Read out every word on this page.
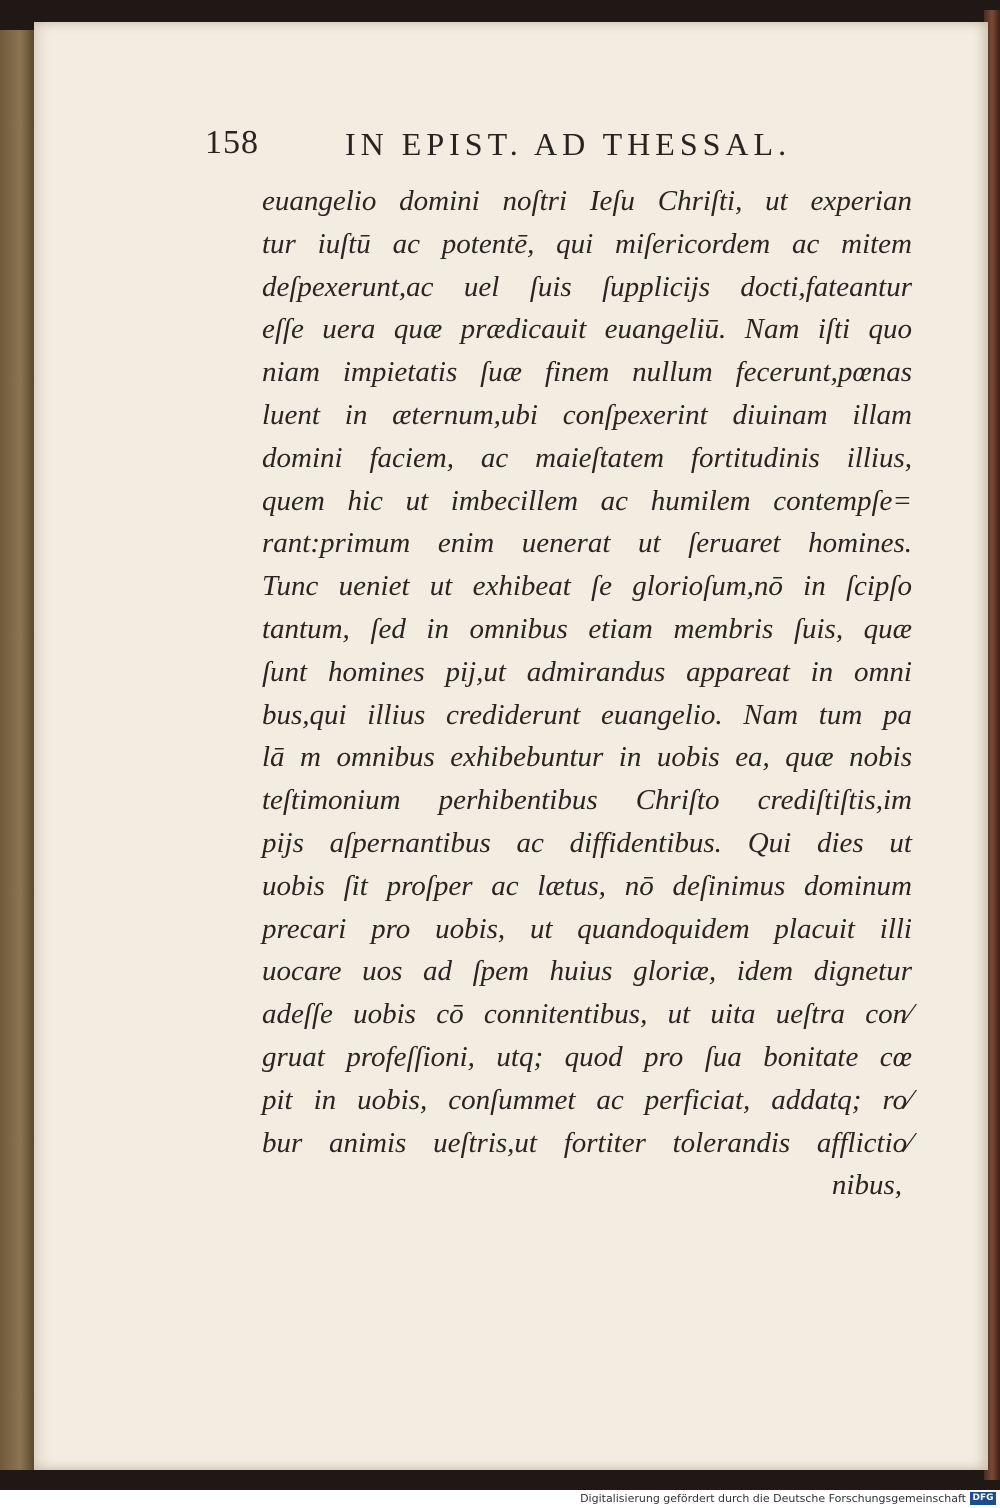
158	IN EPIST. AD THESSAL.
euangelio domini noſtri Ieſu Chriſti, ut experian
tur iuſtū ac potentē, qui miſericordem ac mitem
deſpexerunt,ac uel ſuis ſupplicijs docti,fateantur
eſſe uera quæ prædicauit euangeliū. Nam iſti quo
niam impietatis ſuæ finem nullum fecerunt,pœnas
luent in æternum,ubi conſpexerint diuinam illam
domini faciem, ac maieſtatem fortitudinis illius,
quem hic ut imbecillem ac humilem contempſe=
rant:primum enim uenerat ut ſeruaret homines.
Tunc ueniet ut exhibeat ſe glorioſum,nō in ſcipſo
tantum, ſed in omnibus etiam membris ſuis, quæ
ſunt homines pij,ut admirandus appareat in omni
bus,qui illius crediderunt euangelio. Nam tum pa
lā m omnibus exhibebuntur in uobis ea, quæ nobis
teſtimonium perhibentibus Chriſto crediſtiſtis,im
pijs aſpernantibus ac diffidentibus. Qui dies ut
uobis ſit proſper ac lætus, nō deſinimus dominum
precari pro uobis, ut quandoquidem placuit illi
uocare uos ad ſpem huius gloriæ, idem dignetur
adeſſe uobis cō connitentibus, ut uita ueſtra con⁄
gruat profeſſioni, utq; quod pro ſua bonitate cœ
pit in uobis, conſummet ac perficiat, addatq; ro⁄
bur animis ueſtris,ut fortiter tolerandis afflictio⁄
nibus,
Digitalisierung gefördert durch die Deutsche Forschungsgemeinschaft DFG
